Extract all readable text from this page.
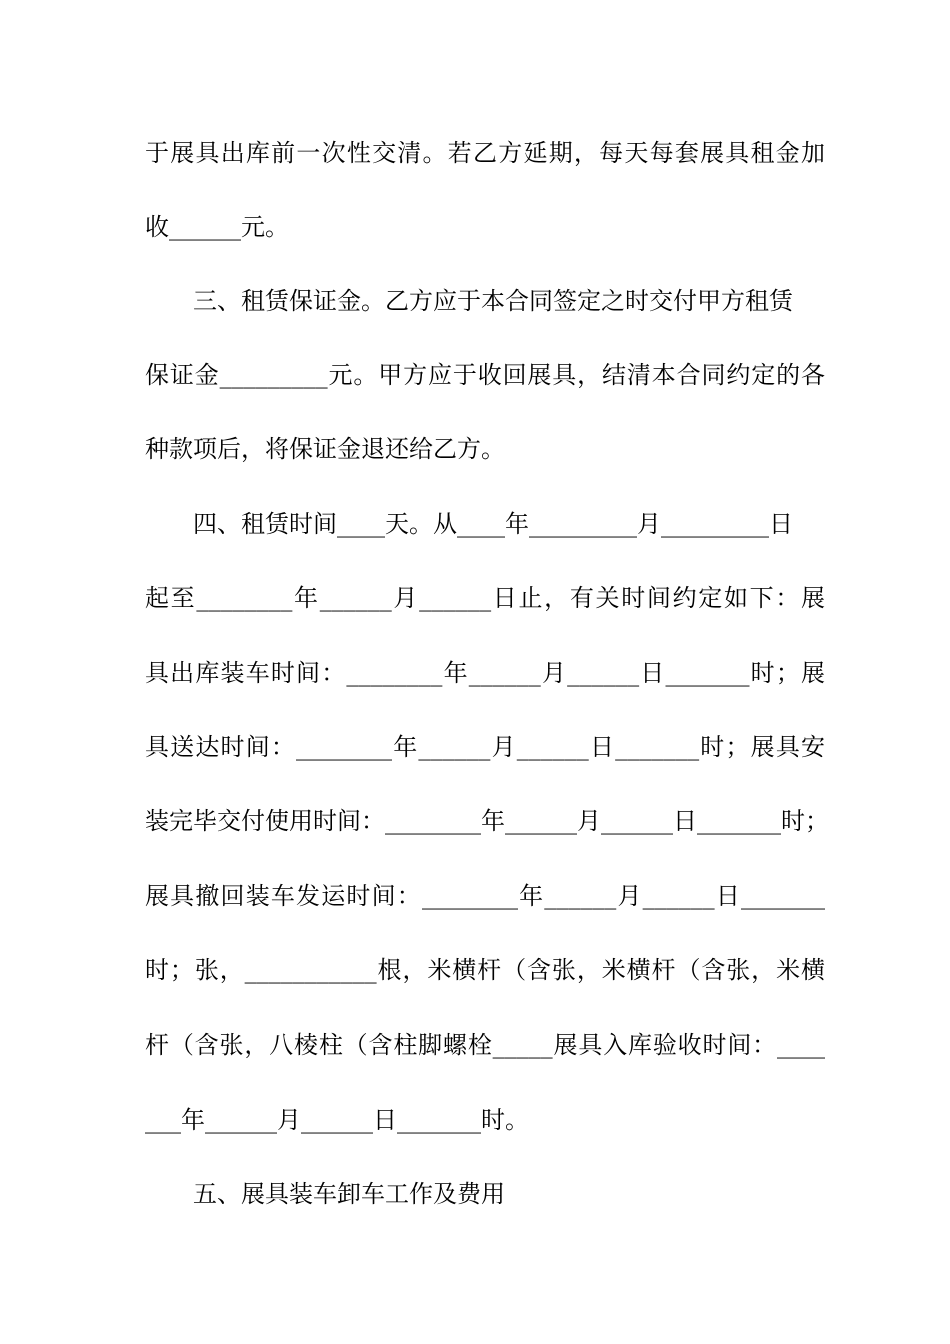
于展具出库前一次性交清。若乙方延期，每天每套展具租金加
收______元。
三、租赁保证金。乙方应于本合同签定之时交付甲方租赁
保证金_________元。甲方应于收回展具，结清本合同约定的各
种款项后，将保证金退还给乙方。
四、租赁时间____天。从____年_________月_________日
起至________年______月______日止，有关时间约定如下：展
具出库装车时间：________年______月______日_______时；展
具送达时间：________年______月______日_______时；展具安
装完毕交付使用时间：________年______月______日_______时；
展具撤回装车发运时间：________年______月______日_______
时；张，___________根，米横杆（含张，米横杆（含张，米横
杆（含张，八棱柱（含柱脚螺栓_____展具入库验收时间：____
___年______月______日_______时。
五、展具装车卸车工作及费用
